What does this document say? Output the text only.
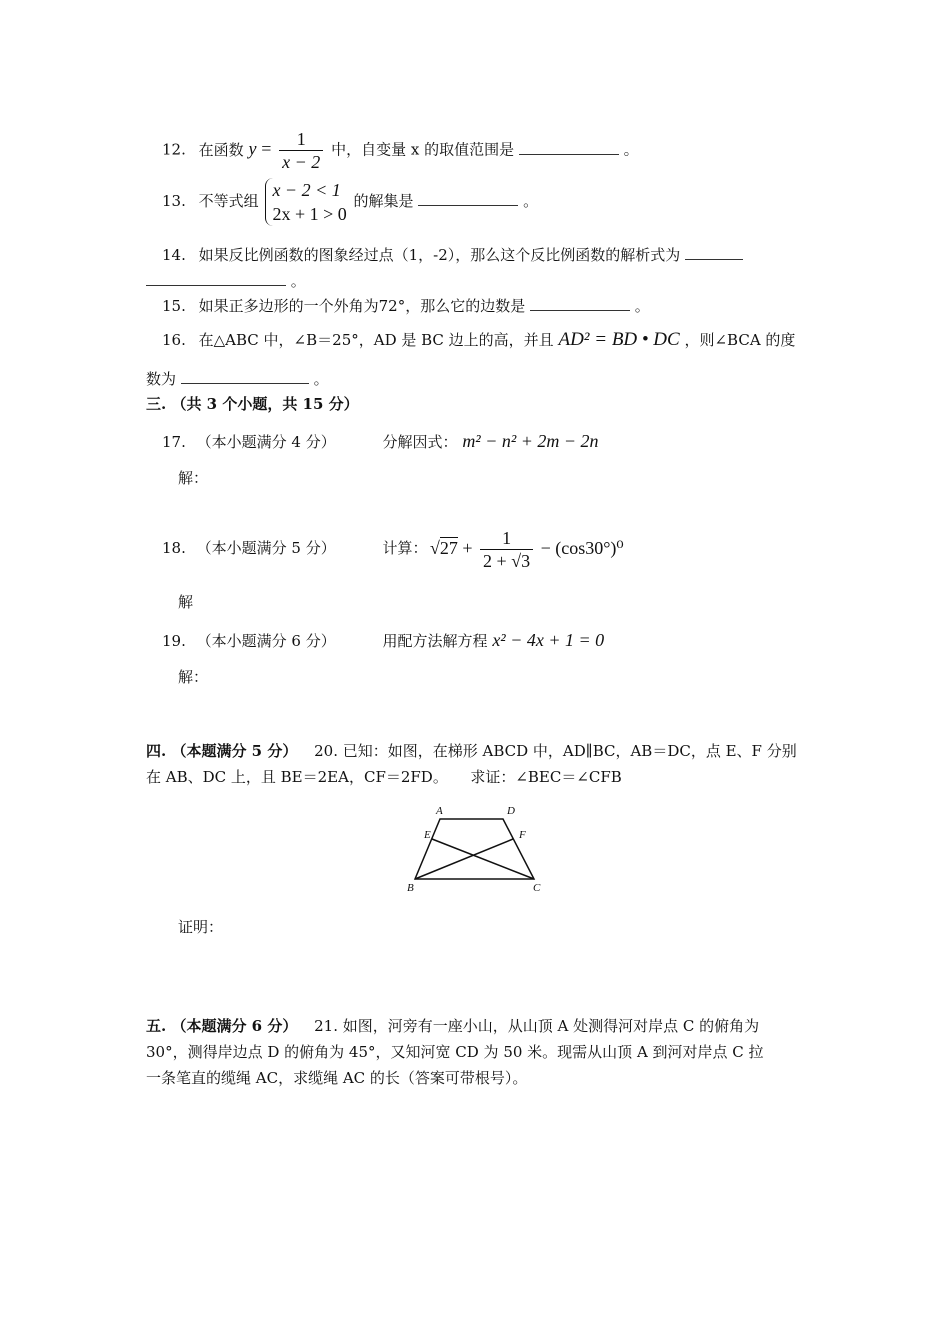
12. 在函数 $y = \frac{1}{x - 2}$ 中，自变量 x 的取值范围是	。
13. 不等式组
x − 2 < 1
2x + 1 > 0
的解集是	。
14. 如果反比例函数的图象经过点（1，-2），那么这个反比例函数的解析式为
。
15. 如果正多边形的一个外角为72°，那么它的边数是	。
16. 在△ABC 中，∠B＝25°，AD 是 BC 边上的高，并且 AD² = BD • DC ，则∠BCA 的度
数为	。
三. （共 3 个小题，共 15 分）
17. （本小题满分 4 分）	分解因式： m² − n² + 2m − 2n
解：
18. （本小题满分 5 分）	计算： $√27 + \frac{1}{2 + √3} - (\cos 30^\circ)^0$
解
19. （本小题满分 6 分）	用配方法解方程 x² − 4x + 1 = 0
解：
四. （本题满分 5 分） 20. 已知：如图，在梯形 ABCD 中，AD∥BC，AB＝DC，点 E、F 分别
在 AB、DC 上，且 BE＝2EA，CF＝2FD。　　求证：∠BEC＝∠CFB
A	D
E	F
B	C
证明：
五. （本题满分 6 分） 21. 如图，河旁有一座小山，从山顶 A 处测得河对岸点 C 的俯角为
30°，测得岸边点 D 的俯角为 45°，又知河宽 CD 为 50 米。现需从山顶 A 到河对岸点 C 拉
一条笔直的缆绳 AC，求缆绳 AC 的长（答案可带根号）。
